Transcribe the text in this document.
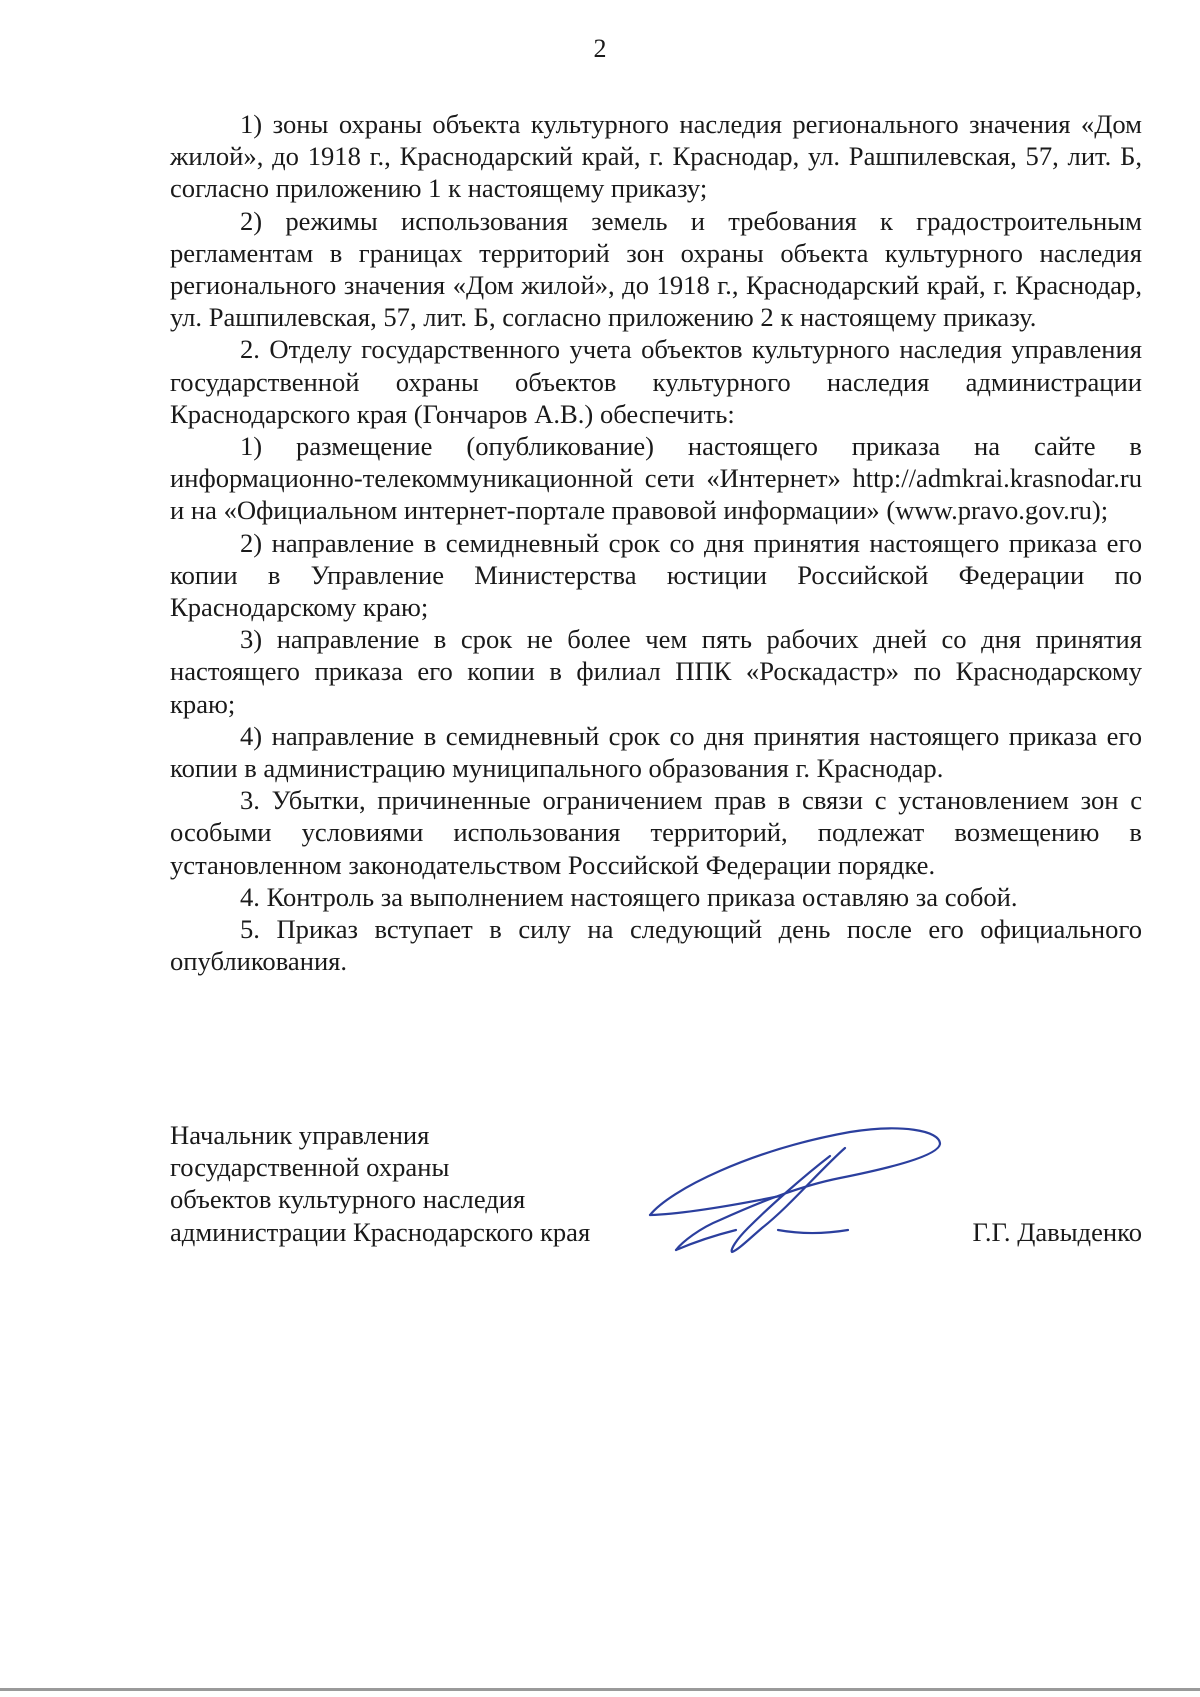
2

1) зоны охраны объекта культурного наследия регионального значения «Дом жилой», до 1918 г., Краснодарский край, г. Краснодар, ул. Рашпилевская, 57, лит. Б, согласно приложению 1 к настоящему приказу;

2) режимы использования земель и требования к градостроительным регламентам в границах территорий зон охраны объекта культурного наследия регионального значения «Дом жилой», до 1918 г., Краснодарский край, г. Краснодар, ул. Рашпилевская, 57, лит. Б, согласно приложению 2 к настоящему приказу.

2. Отделу государственного учета объектов культурного наследия управления государственной охраны объектов культурного наследия администрации Краснодарского края (Гончаров А.В.) обеспечить:

1) размещение (опубликование) настоящего приказа на сайте в информационно-телекоммуникационной сети «Интернет» http://admkrai.krasnodar.ru и на «Официальном интернет-портале правовой информации» (www.pravo.gov.ru);

2) направление в семидневный срок со дня принятия настоящего приказа его копии в Управление Министерства юстиции Российской Федерации по Краснодарскому краю;

3) направление в срок не более чем пять рабочих дней со дня принятия настоящего приказа его копии в филиал ППК «Роскадастр» по Краснодарскому краю;

4) направление в семидневный срок со дня принятия настоящего приказа его копии в администрацию муниципального образования г. Краснодар.

3. Убытки, причиненные ограничением прав в связи с установлением зон с особыми условиями использования территорий, подлежат возмещению в установленном законодательством Российской Федерации порядке.

4. Контроль за выполнением настоящего приказа оставляю за собой.

5. Приказ вступает в силу на следующий день после его официального опубликования.

Начальник управления
государственной охраны
объектов культурного наследия
администрации Краснодарского края	Г.Г. Давыденко
